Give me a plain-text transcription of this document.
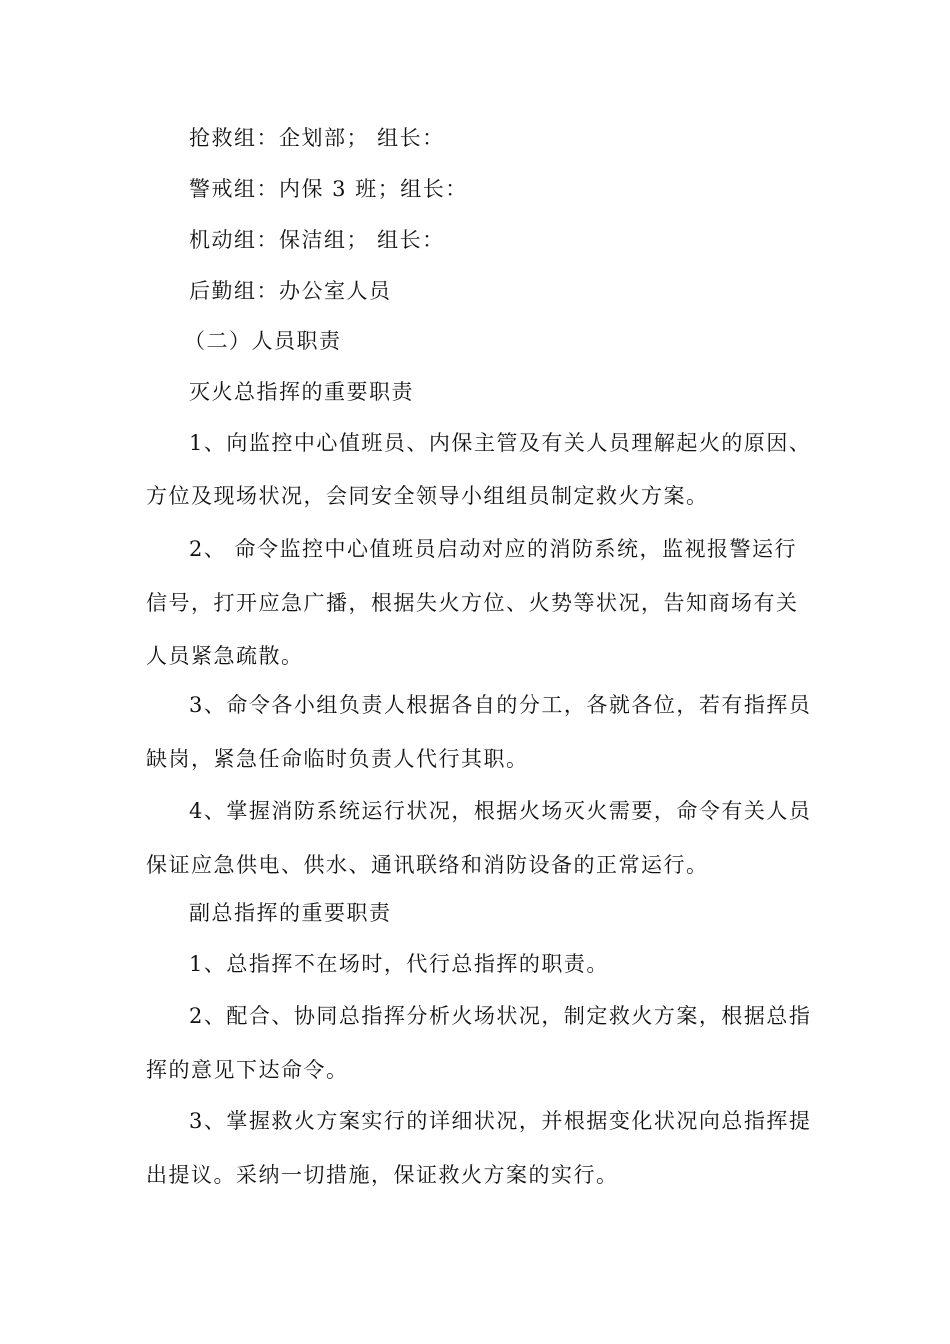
抢救组：企划部； 组长：
警戒组：内保 3 班；组长：
机动组：保洁组； 组长：
后勤组：办公室人员
（二）人员职责
灭火总指挥的重要职责
1、向监控中心值班员、内保主管及有关人员理解起火的原因、
方位及现场状况，会同安全领导小组组员制定救火方案。
2、 命令监控中心值班员启动对应的消防系统，监视报警运行
信号，打开应急广播，根据失火方位、火势等状况，告知商场有关
人员紧急疏散。
3、命令各小组负责人根据各自的分工，各就各位，若有指挥员
缺岗，紧急任命临时负责人代行其职。
4、掌握消防系统运行状况，根据火场灭火需要，命令有关人员
保证应急供电、供水、通讯联络和消防设备的正常运行。
副总指挥的重要职责
1、总指挥不在场时，代行总指挥的职责。
2、配合、协同总指挥分析火场状况，制定救火方案，根据总指
挥的意见下达命令。
3、掌握救火方案实行的详细状况，并根据变化状况向总指挥提
出提议。采纳一切措施，保证救火方案的实行。
